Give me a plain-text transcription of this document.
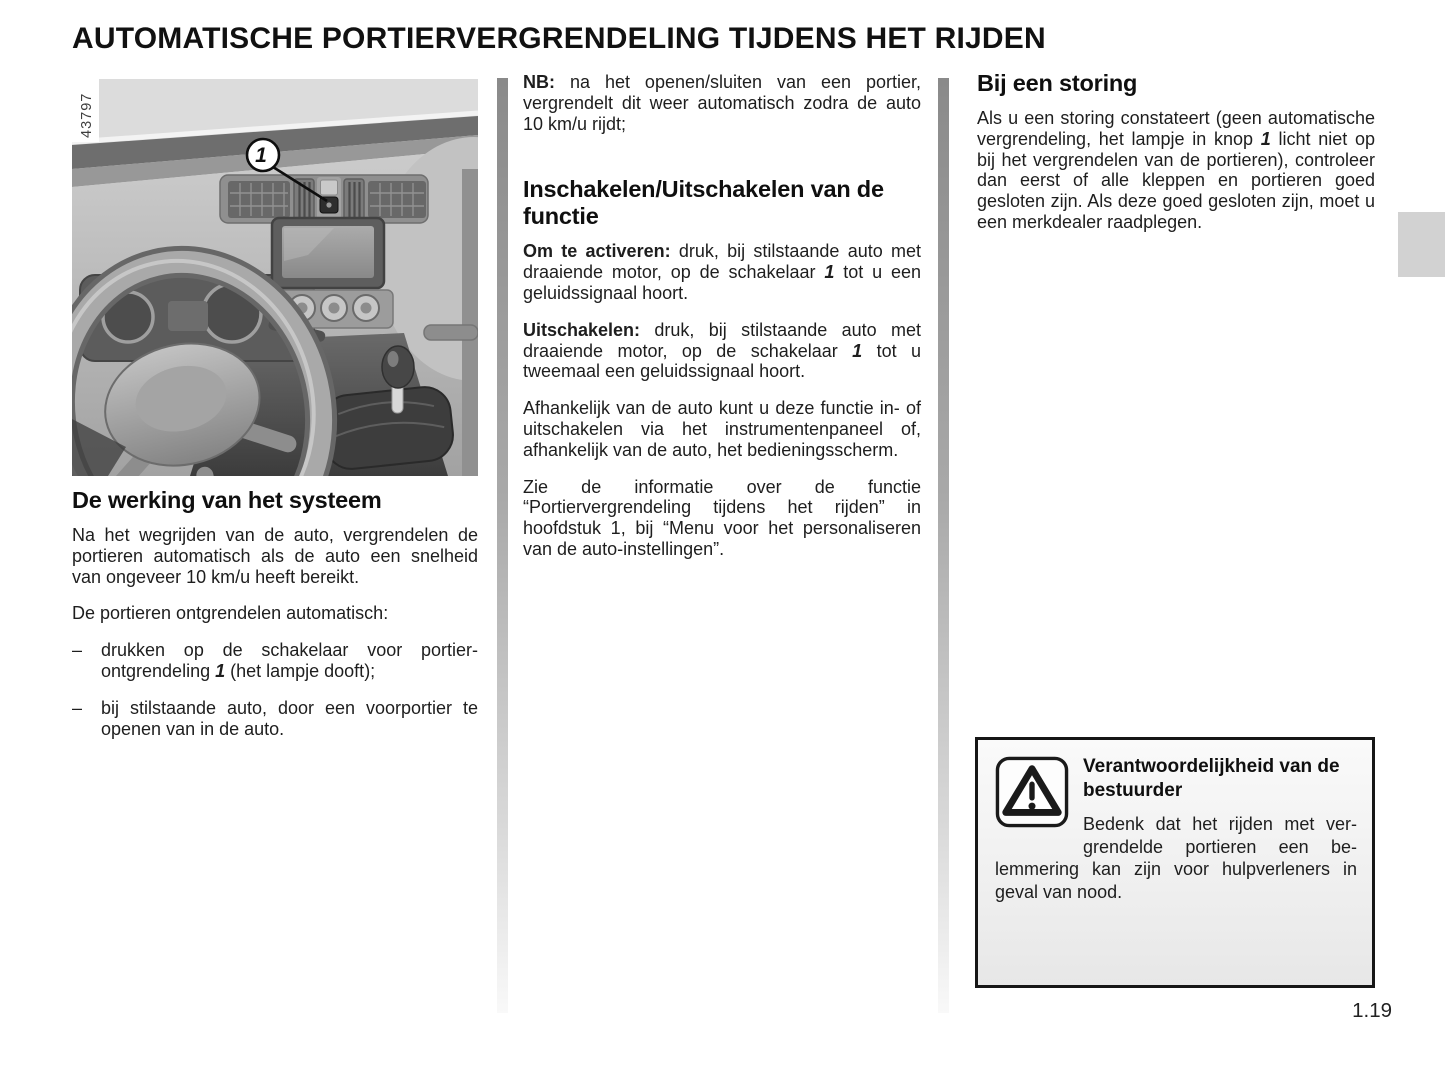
AUTOMATISCHE PORTIERVERGRENDELING TIJDENS HET RIJDEN
43797
1
De werking van het systeem

Na het wegrijden van de auto, vergrendelen de portieren automatisch als de auto een snelheid van ongeveer 10 km/u heeft bereikt.

De portieren ontgrendelen automatisch:

–	drukken op de schakelaar voor portierontgrendeling 1 (het lampje dooft);
–	bij stilstaande auto, door een voorportier te openen van in de auto.

NB: na het openen/sluiten van een portier, vergrendelt dit weer automatisch zodra de auto 10 km/u rijdt;

Inschakelen/Uitschakelen van de functie

Om te activeren: druk, bij stilstaande auto met draaiende motor, op de schakelaar 1 tot u een geluidssignaal hoort.

Uitschakelen: druk, bij stilstaande auto met draaiende motor, op de schakelaar 1 tot u tweemaal een geluidssignaal hoort.

Afhankelijk van de auto kunt u deze functie in- of uitschakelen via het instrumentenpaneel of, afhankelijk van de auto, het bedieningsscherm.

Zie de informatie over de functie “Portiervergrendeling tijdens het rijden” in hoofdstuk 1, bij “Menu voor het personaliseren van de auto-instellingen”.

Bij een storing

Als u een storing constateert (geen automatische vergrendeling, het lampje in knop 1 licht niet op bij het vergrendelen van de portieren), controleer dan eerst of alle kleppen en portieren goed gesloten zijn. Als deze goed gesloten zijn, moet u een merkdealer raadplegen.

Verantwoordelijkheid van de bestuurder

Bedenk dat het rijden met vergrendelde portieren een belemmering kan zijn voor hulpverleners in geval van nood.

1.19
